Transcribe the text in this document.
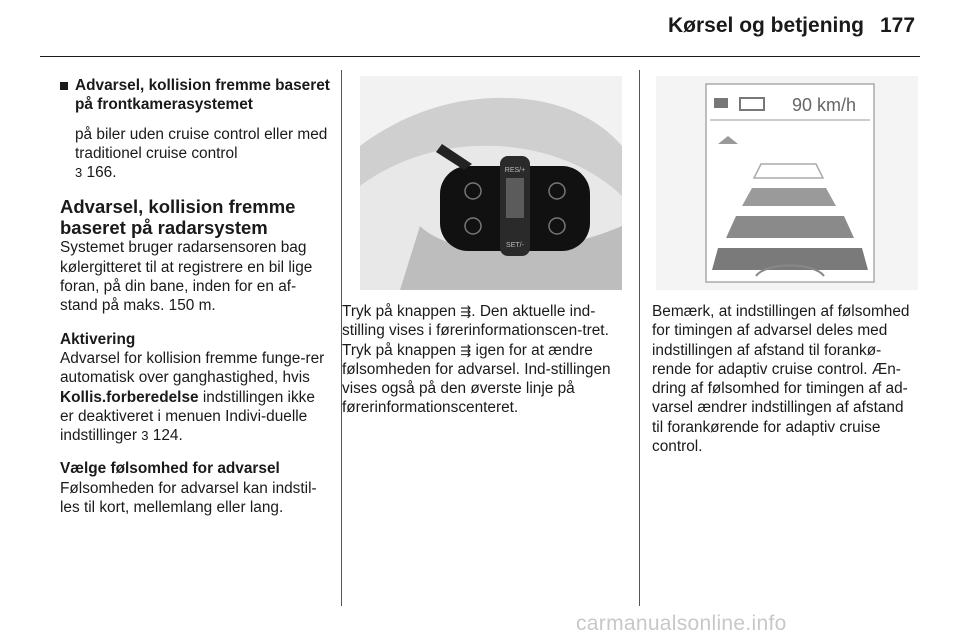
Kørsel og betjening 177

Advarsel, kollision fremme baseret på frontkamerasystemet

på biler uden cruise control eller med traditionel cruise control
3 166.

Advarsel, kollision fremme baseret på radarsystem

Systemet bruger radarsensoren bag kølergitteret til at registrere en bil lige foran, på din bane, inden for en af-stand på maks. 150 m.

Aktivering

Advarsel for kollision fremme funge-rer automatisk over ganghastighed, hvis Kollis.forberedelse indstillingen ikke er deaktiveret i menuen Indivi-duelle indstillinger 3 124.

Vælge følsomhed for advarsel

Følsomheden for advarsel kan indstil-les til kort, mellemlang eller lang.

RES/+
SET/-
90 km/h

Tryk på knappen ⇶. Den aktuelle ind-stilling vises i førerinformationscen-tret. Tryk på knappen ⇶ igen for at ændre følsomheden for advarsel. Ind-stillingen vises også på den øverste linje på førerinformationscenteret.

Bemærk, at indstillingen af følsomhed for timingen af advarsel deles med indstillingen af afstand til forankø-rende for adaptiv cruise control. Æn-dring af følsomhed for timingen af ad-varsel ændrer indstillingen af afstand til forankørende for adaptiv cruise control.

carmanualsonline.info
